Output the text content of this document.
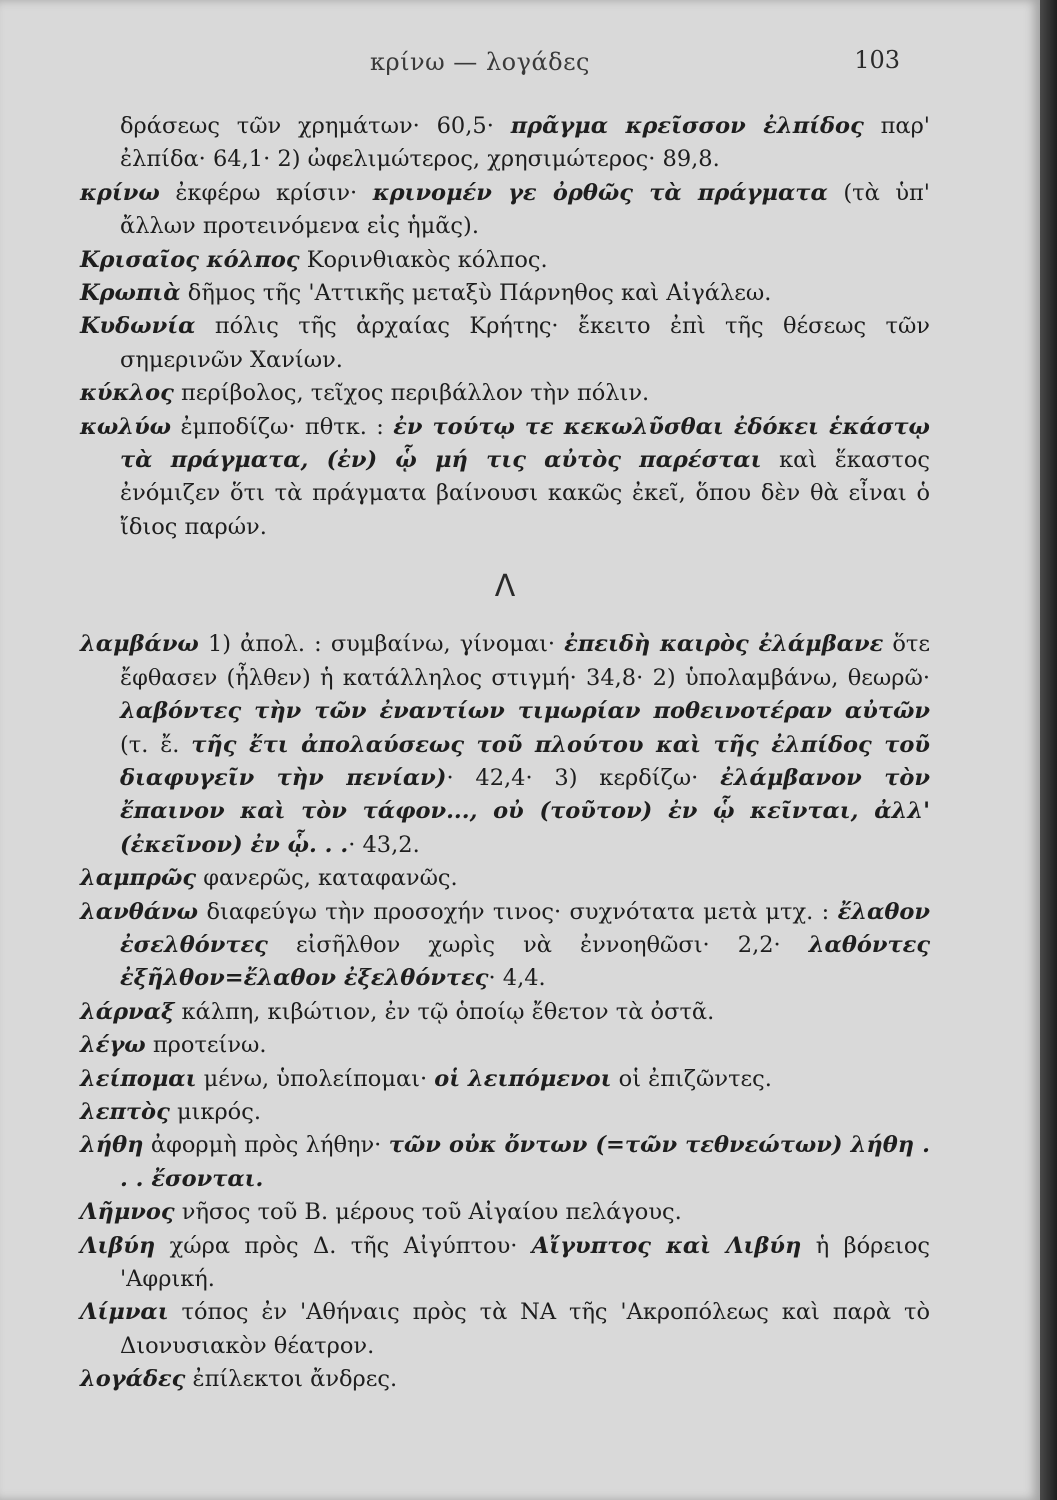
κρίνω — λογάδες	103

δράσεως τῶν χρημάτων· 60,5· πρᾶγμα κρεῖσσον ἐλπίδος παρ' ἐλπίδα· 64,1· 2) ὠφελιμώτερος, χρησιμώτερος· 89,8.

κρίνω ἐκφέρω κρίσιν· κρινομέν γε ὀρθῶς τὰ πράγματα (τὰ ὑπ' ἄλλων προτεινόμενα εἰς ἡμᾶς).

Κρισαῖος κόλπος Κορινθιακὸς κόλπος.

Κρωπιὰ δῆμος τῆς 'Αττικῆς μεταξὺ Πάρνηθος καὶ Αἰγάλεω.

Κυδωνία πόλις τῆς ἀρχαίας Κρήτης· ἔκειτο ἐπὶ τῆς θέσεως τῶν σημερινῶν Χανίων.

κύκλος περίβολος, τεῖχος περιβάλλον τὴν πόλιν.

κωλύω ἐμποδίζω· πθτκ. : ἐν τούτῳ τε κεκωλῦσθαι ἐδόκει ἑκάστῳ τὰ πράγματα, (ἐν) ᾧ μή τις αὐτὸς παρέσται καὶ ἕκαστος ἐνόμιζεν ὅτι τὰ πράγματα βαίνουσι κακῶς ἐκεῖ, ὅπου δὲν θὰ εἶναι ὁ ἴδιος παρών.

Λ

λαμβάνω 1) ἀπολ. : συμβαίνω, γίνομαι· ἐπειδὴ καιρὸς ἐλάμβανε ὅτε ἔφθασεν (ἦλθεν) ἡ κατάλληλος στιγμή· 34,8· 2) ὑπολαμβάνω, θεωρῶ· λαβόντες τὴν τῶν ἐναντίων τιμωρίαν ποθεινοτέραν αὐτῶν (τ. ἔ. τῆς ἔτι ἀπολαύσεως τοῦ πλούτου καὶ τῆς ἐλπίδος τοῦ διαφυγεῖν τὴν πενίαν)· 42,4· 3) κερδίζω· ἐλάμβανον τὸν ἔπαινον καὶ τὸν τάφον..., οὐ (τοῦτον) ἐν ᾧ κεῖνται, ἀλλ' (ἐκεῖνον) ἐν ᾧ. . .· 43,2.

λαμπρῶς φανερῶς, καταφανῶς.

λανθάνω διαφεύγω τὴν προσοχήν τινος· συχνότατα μετὰ μτχ. : ἔλαθον ἐσελθόντες εἰσῆλθον χωρὶς νὰ ἐννοηθῶσι· 2,2· λαθόντες ἐξῆλθον=ἔλαθον ἐξελθόντες· 4,4.

λάρναξ κάλπη, κιβώτιον, ἐν τῷ ὁποίῳ ἔθετον τὰ ὀστᾶ.

λέγω προτείνω.

λείπομαι μένω, ὑπολείπομαι· οἱ λειπόμενοι οἱ ἐπιζῶντες.

λεπτὸς μικρός.

λήθη ἀφορμὴ πρὸς λήθην· τῶν οὐκ ὄντων (=τῶν τεθνεώτων) λήθη . . . ἔσονται.

Λῆμνος νῆσος τοῦ Β. μέρους τοῦ Αἰγαίου πελάγους.

Λιβύη χώρα πρὸς Δ. τῆς Αἰγύπτου· Αἴγυπτος καὶ Λιβύη ἡ βόρειος 'Αφρική.

Λίμναι τόπος ἐν 'Αθήναις πρὸς τὰ ΝΑ τῆς 'Ακροπόλεως καὶ παρὰ τὸ Διονυσιακὸν θέατρον.

λογάδες ἐπίλεκτοι ἄνδρες.
